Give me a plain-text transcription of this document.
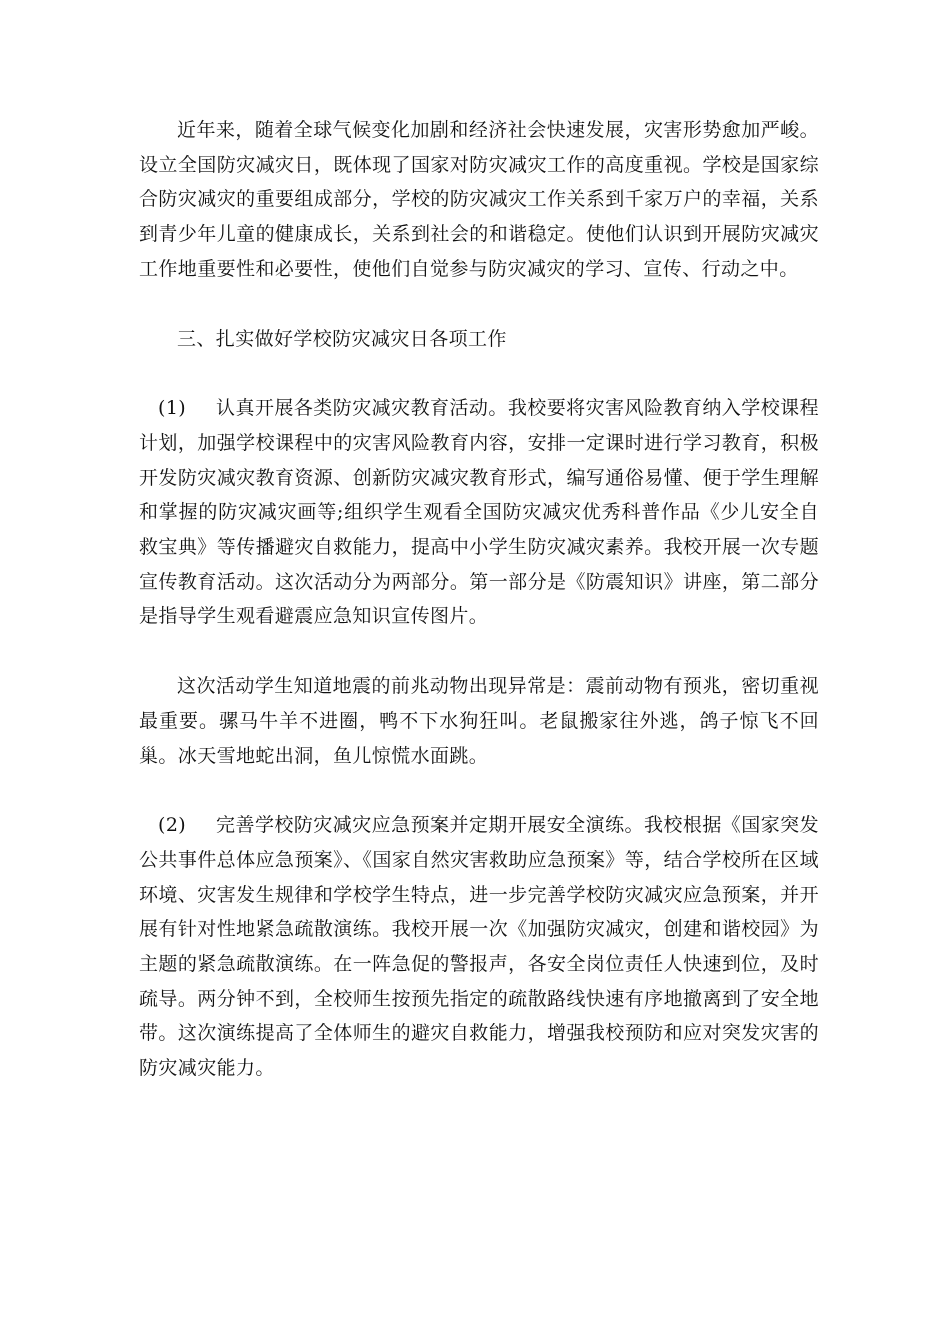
近年来，随着全球气候变化加剧和经济社会快速发展，灾害形势愈加严峻。设立全国防灾减灾日，既体现了国家对防灾减灾工作的高度重视。学校是国家综合防灾减灾的重要组成部分，学校的防灾减灾工作关系到千家万户的幸福，关系到青少年儿童的健康成长，关系到社会的和谐稳定。使他们认识到开展防灾减灾工作地重要性和必要性，使他们自觉参与防灾减灾的学习、宣传、行动之中。

三、扎实做好学校防灾减灾日各项工作

(1) 认真开展各类防灾减灾教育活动。我校要将灾害风险教育纳入学校课程计划，加强学校课程中的灾害风险教育内容，安排一定课时进行学习教育，积极开发防灾减灾教育资源、创新防灾减灾教育形式，编写通俗易懂、便于学生理解和掌握的防灾减灾画等;组织学生观看全国防灾减灾优秀科普作品《少儿安全自救宝典》等传播避灾自救能力，提高中小学生防灾减灾素养。我校开展一次专题宣传教育活动。这次活动分为两部分。第一部分是《防震知识》讲座，第二部分是指导学生观看避震应急知识宣传图片。

这次活动学生知道地震的前兆动物出现异常是：震前动物有预兆，密切重视最重要。骡马牛羊不进圈，鸭不下水狗狂叫。老鼠搬家往外逃，鸽子惊飞不回巢。冰天雪地蛇出洞，鱼儿惊慌水面跳。

(2) 完善学校防灾减灾应急预案并定期开展安全演练。我校根据《国家突发公共事件总体应急预案》、《国家自然灾害救助应急预案》等，结合学校所在区域环境、灾害发生规律和学校学生特点，进一步完善学校防灾减灾应急预案，并开展有针对性地紧急疏散演练。我校开展一次《加强防灾减灾，创建和谐校园》为主题的紧急疏散演练。在一阵急促的警报声，各安全岗位责任人快速到位，及时疏导。两分钟不到，全校师生按预先指定的疏散路线快速有序地撤离到了安全地带。这次演练提高了全体师生的避灾自救能力，增强我校预防和应对突发灾害的防灾减灾能力。
